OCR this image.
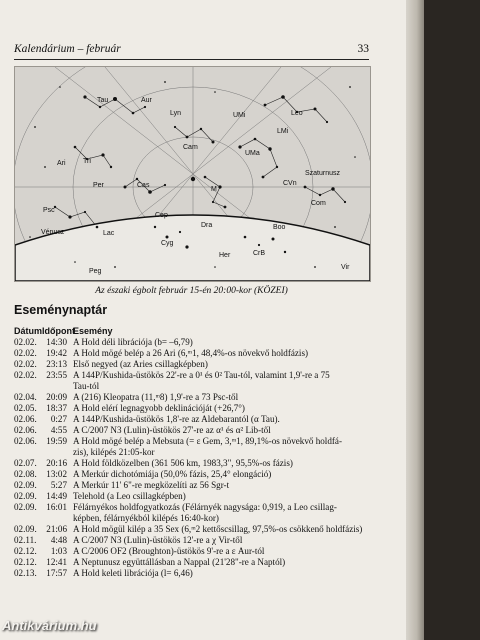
Kalendárium – február	33
Tau	Aur
Lyn	UMi	Leo
LMi
Ari
Cam
UMa
Tri
Per	Cas
Dra
Psc
Cep
CVn
Szaturnusz
Com
Vénusz	Lac
Her	CrB
Boo
Cyg
Peg
Vir
M
Az északi égbolt február 15-én 20:00-kor (KÖZEI)
Eseménynaptár
Dátum Időpont
Esemény
02.02.	14:30 A Hold déli librációja (b= –6,79)
02.02.	19:42 A Hold mögé belép a 26 Ari (6,ᵐ1, 48,4%-os növekvő holdfázis)
02.02.	23:13 Első negyed (az Aries csillagképben)
02.02.	23:55 A 144P/Kushida-üstökös 22'-re a 0¹ és 0² Tau-tól, valamint 1,9'-re a 75
Tau-tól
02.04.	20:09 A (216) Kleopatra (11,ᵐ8) 1,9'-re a 73 Psc-től
02.05.	18:37 A Hold elérí legnagyobb deklinációját (+26,7°)
02.06.	0:27 A 144P/Kushida-üstökös 1,8'-re az Aldebarantól (α Tau).
02.06.	4:55 A C/2007 N3 (Lulin)-üstökös 27'-re az α¹ és α² Lib-től
02.06.	19:59 A Hold mögé belép a Mebsuta (= ε Gem, 3,ᵐ1, 89,1%-os növekvő holdfá-
zis), kilépés 21:05-kor
02.07.	20:16 A Hold földközelben (361 506 km, 1983,3", 95,5%-os fázis)
02.08.	13:02 A Merkúr dichotómiája (50,0% fázis, 25,4° elongáció)
02.09.	5:27 A Merkúr 11' 6"-re megközelíti az 56 Sgr-t
02.09.	14:49 Telehold (a Leo csillagképben)
02.09.	16:01 Félárnyékos holdfogyatkozás (Félárnyék nagysága: 0,919, a Leo csillag-
képben, félárnyékból kilépés 16:40-kor)
02.09.	21:06 A Hold mögül kilép a 35 Sex (6,ᵐ2 kettőscsillag, 97,5%-os csökkenő holdfázis)
02.11.	4:48 A C/2007 N3 (Lulin)-üstökös 12'-re a χ Vir-től
02.12.	1:03 A C/2006 OF2 (Broughton)-üstökös 9'-re a ε Aur-tól
02.12.	12:41 A Neptunusz együttállásban a Nappal (21'28"-re a Naptól)
02.13.	17:57 A Hold keleti librációja (l= 6,46)
Antikvárium.hu
